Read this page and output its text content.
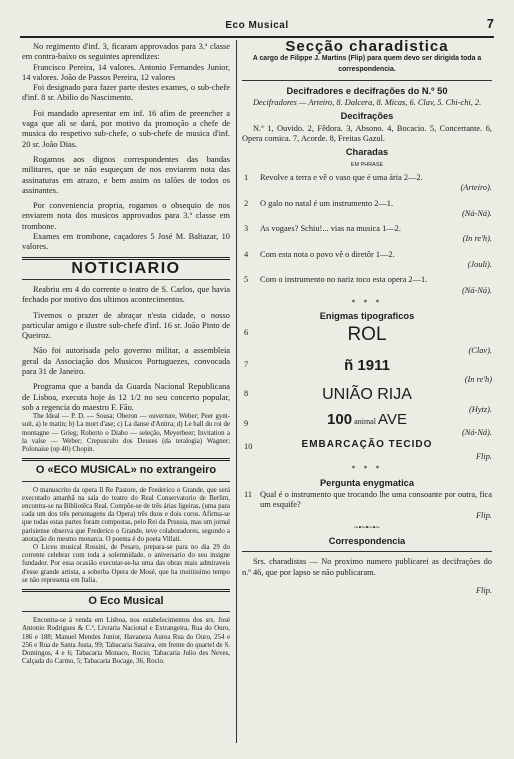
Eco Musical	7

No regimento d'inf. 3, ficaram approvados para 3.ª classe em contra-baixo os seguintes aprendizes:

Francisco Pereira, 14 valores. Antonio Fernandes Junior, 14 valores. João de Passos Pereira, 12 valores

Foi designado para fazer parte destes exames, o sub-chefe d'inf. 8 sr. Abilio do Nascimento.

Foi mandado apresentar em inf. 16 afim de preencher a vaga que ali se dará, por motivo da promoção a chefe de musica do respetivo sub-chefe, o sub-chefe de musica d'inf. 20 sr. João Dias.

Rogamos aos dignos correspondentes das bandas militares, que se não esqueçam de nos enviarem nota das assinaturas em atrazo, e bem assim os talões de todos os assinantes.

Por conveniencia propria, rogamos o obsequio de nos enviarem nota dos musicos approvados para 3.ª classe em trombone.

Exames em trombone, caçadores 5 José M. Baltazar, 10 valores.

NOTICIARIO

Reabriu em 4 do corrente o teatro de S. Carlos, que havia fechado por motivo dos ultimos acontecimentos.

Tivemos o prazer de abraçar n'esta cidade, o nosso particular amigo e ilustre sub-chefe d'inf. 16 sr. João Pinto de Queiroz.

Não foi autorisada pelo governo militar, a assembleia geral da Associação dos Musicos Portuguezes, convocada para 31 de Janeiro.

Programa que a banda da Guarda Nacional Republicana de Lisboa, executa hoje ás 12 1/2 no seu concerto popular, sob a regencia do maestro F. Fão.

The Ideal — P. D. — Sousa; Oberon — ouverture, Weber; Peer gynt-suit, a) le matin; b) La mort d'ase; c) La danse d'Anitra; d) Le hall du roi de montagne — Grieg; Roberto o Diabo — seleção, Meyerbeer; Invitation a la valse — Weber; Crepusculo dos Deuses (da teralogia) Wagner; Polonaise (op 40) Chopin.

O «ECO MUSICAL» no extrangeiro

O manuscrito da opera Il Re Pastore, de Frederico o Grande, que será executado amanhã na sala do teatro do Real Conservatorio de Berlim, encontra-se na Bibliotêca Real. Compõe-se de três árias ligeiras, (uma para cada um dos três personagens da Opera) três duos e dois coros. Afirma-se que todas estas partes foram compostas, pelo Rei da Prussia, mas um jornal parisiense observa que Frederico o Grande, teve colaboradores, segundo a anotação do mesmo monarca. O poema é do poeta Villati.

O Liceu musical Rossini, de Pesaro, prepara-se para no dia 29 do corrente celebrar com toda a solemnidade, o aniversario do seu insigne fundador. Por essa ocasião executar-se-ha uma das obras mais admiraveis d'esse grande artista, a soberba Opera de Mosé, que ha muitissimo tempo se não representa em Italia.

O Eco Musical

Encontra-se á venda em Lisboa, nos estabelecimentos dos srs. José Antonio Rodrigues & C.ª, Livraria Nacional e Extrangeira, Rua do Ouro, 186 e 188; Manuel Mendes Junior, Havaneza Aurea Rua do Ouro, 254 e 256 e Rua de Santa Justa, 99; Tabacaria Saraiva, em frente do quartel de S. Domingos, 4 e 6; Tabacaria Monaco, Rocio; Tabacaria Julio des Neves, Calçada do Carmo, 5; Tabacaria Bocage, 36, Rocio.

Secção charadistica
A cargo de Filippe J. Martins (Flip) para quem devo ser dirigida toda a correspondencia.
Decifradores e decifrações do N.º 50

Decifradores — Arteiro, 8. Dalcera, 8. Micas, 6. Clav, 5. Chi-chi, 2.

Decifrações

N.º 1, Ouvido. 2, Fêdora. 3, Absono. 4, Bocacio. 5, Concertante. 6, Opera comica. 7, Acorde. 8, Freitas Gazul.

Charadas
EM PHRASE
1 Revolve a terra e vê o vaso que é uma ária 2—2.
(Arteiro).
2 O galo no natal é um instrumento 2—1.
(Ná-Ná).
3 As vogaes? Schiu!... vias na musica 1—2.
(In re'h).
4 Com esta nota o povo vê o diretôr 1—2.
(Jouli).
5 Com o instrumento no nariz toco esta opera 2—1.
(Ná-Ná).
* * *
Enigmas tipograficos
6	ROL
(Clav).
7	ñ 1911
(In re'h)
8	UNIÃO RIJA
(Hytz).
9	100 animal AVE
(Ná-Ná).
10	EMBARCAÇÃO TECIDO
Flip.
* * *
Pergunta enygmatica
11 Qual é o instrumento que trocando lhe uma consoante por outra, fica um esquife?
Flip.
~•~•~•~
Correspondencia

Srs. charadistas — No proximo numero publicarei as decifrações do n.º 46, que por lapso se não publicaram.

Flip.
